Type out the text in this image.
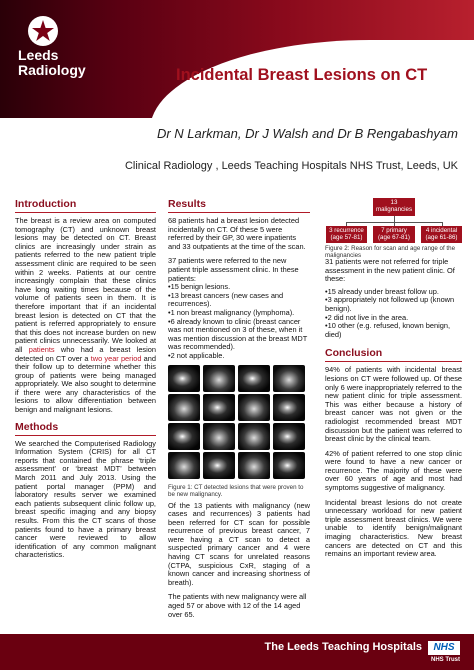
Leeds
Radiology	Incidental Breast Lesions on CT
Dr N Larkman, Dr J Walsh and Dr B Rengabashyam
Clinical Radiology , Leeds Teaching Hospitals NHS Trust, Leeds, UK
Introduction

The breast is a review area on computed tomography (CT) and unknown breast lesions may be detected on CT. Breast clinics are increasingly under strain as patients referred to the new patient triple assessment clinic are required to be seen within 2 weeks. Patients at our centre increasingly complain that these clinics have long waiting times because of the volume of patients seen in them. It is therefore important that if an incidental breast lesion is detected on CT that the patient is referred appropriately to ensure that this does not increase burden on new patient clinics unnecessarily. We looked at all patients who had a breast lesion detected on CT over a two year period and their follow up to determine whether this group of patients were being managed appropriately. We also sought to determine if there were any characteristics of the lesions to allow differentiation between benign and malignant lesions.

Methods

We searched the Computerised Radiology Information System (CRIS) for all CT reports that contained the phrase ‘triple assessment’ or ‘breast MDT’ between March 2011 and July 2013. Using the patient portal manager (PPM) and laboratory results server we examined each patients subsequent clinic follow up, breast specific imaging and any biopsy results. From this the CT scans of those patients found to have a primary breast cancer were reviewed to allow identification of any common malignant characteristics.

Results

68 patients had a breast lesion detected incidentally on CT. Of these 5 were referred by their GP, 30 were inpatients and 33 outpatients at the time of the scan.

37 patients were referred to the new patient triple assessment clinic. In these patients:

•15 benign lesions.
•13 breast cancers (new cases and recurrences).
•1 non breast malignancy (lymphoma).
•6 already known to clinic (breast cancer was not mentioned on 3 of these, when it was mention discussion at the breast MDT was recommended).
•2 not applicable.
Figure 1: CT detected lesions that were proven to be new malignancy.

Of the 13 patients with malignancy (new cases and recurrences) 3 patients had been referred for CT scan for possible recurrence of previous breast cancer, 7 were having a CT scan to detect a suspected primary cancer and 4 were having CT scans for unrelated reasons (CTPA, suspicious CxR, staging of a known cancer and increasing shortness of breath).

The patients with new malignancy were all aged 57 or above with 12 of the 14 aged over 65.

13
malignancies
3 recurrence
(age 57-81)
7 primary
(age 67-81)
4 incidental
(age 61-86)
Figure 2: Reason for scan and age range of the malignancies

31 patients were not referred for triple assessment in the new patient clinic. Of these:

•15 already under breast follow up.
•3 appropriately not followed up (known benign).
•2 did not live in the area.
•10 other (e.g. refused, known benign, died)
Conclusion

94% of patients with incidental breast lesions on CT were followed up. Of these only 6 were inappropriately referred to the new patient clinic for triple assessment. This was either because a history of breast cancer was not given or the radiologist recommended breast MDT discussion but the patient was referred to breast clinic by the clinical team.

42% of patient referred to one stop clinic were found to have a new cancer or recurrence. The majority of these were over 60 years of age and most had symptoms suggestive of malignancy.

Incidental breast lesions do not create unnecessary workload for new patient triple assessment breast clinics. We were unable to identify benign/malignant imaging characteristics. New breast cancers are detected on CT and this remains an important review area.

The Leeds Teaching Hospitals	NHS
NHS Trust
